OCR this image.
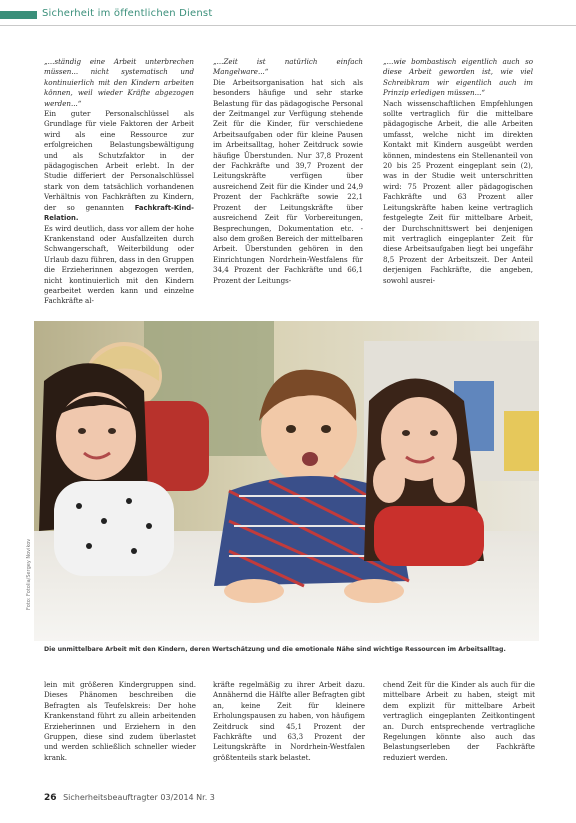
Sicherheit im öffentlichen Dienst

„...ständig eine Arbeit unterbrechen müssen... nicht systematisch und kontinuierlich mit den Kindern arbeiten können, weil wieder Kräfte abgezogen werden...“

Ein guter Personalschlüssel als Grundlage für viele Faktoren der Arbeit wird als eine Ressource zur erfolgreichen Belastungsbewältigung und als Schutzfaktor in der pädagogischen Arbeit erlebt. In der Studie differiert der Personalschlüssel stark von dem tatsächlich vorhandenen Verhältnis von Fachkräften zu Kindern, der so genannten Fachkraft-Kind-Relation.

Es wird deutlich, dass vor allem der hohe Krankenstand oder Ausfallzeiten durch Schwangerschaft, Weiterbildung oder Urlaub dazu führen, dass in den Gruppen die Erzieherinnen abgezogen werden, nicht kontinuierlich mit den Kindern gearbeitet werden kann und einzelne Fachkräfte al-

„...Zeit ist natürlich einfach Mangelware...“

Die Arbeitsorganisation hat sich als besonders häufige und sehr starke Belastung für das pädagogische Personal der Zeitmangel zur Verfügung stehende Zeit für die Kinder, für verschiedene Arbeitsaufgaben oder für kleine Pausen im Arbeitsalltag, hoher Zeitdruck sowie häufige Überstunden. Nur 37,8 Prozent der Fachkräfte und 39,7 Prozent der Leitungskräfte verfügen über ausreichend Zeit für die Kinder und 24,9 Prozent der Fachkräfte sowie 22,1 Prozent der Leitungskräfte über ausreichend Zeit für Vorbereitungen, Besprechungen, Dokumentation etc. - also dem großen Bereich der mittelbaren Arbeit. Überstunden gehören in den Einrichtungen Nordrhein-Westfalens für 34,4 Prozent der Fachkräfte und 66,1 Prozent der Leitungs-

„...wie bombastisch eigentlich auch so diese Arbeit geworden ist, wie viel Schreibkram wir eigentlich auch im Prinzip erledigen müssen...“

Nach wissenschaftlichen Empfehlungen sollte vertraglich für die mittelbare pädagogische Arbeit, die alle Arbeiten umfasst, welche nicht im direkten Kontakt mit Kindern ausgeübt werden können, mindestens ein Stellenanteil von 20 bis 25 Prozent eingeplant sein (2), was in der Studie weit unterschritten wird: 75 Prozent aller pädagogischen Fachkräfte und 63 Prozent aller Leitungskräfte haben keine vertraglich festgelegte Zeit für mittelbare Arbeit, der Durchschnittswert bei denjenigen mit vertraglich eingeplanter Zeit für diese Arbeitsaufgaben liegt bei ungefähr 8,5 Prozent der Arbeitszeit. Der Anteil derjenigen Fachkräfte, die angeben, sowohl ausrei-

Foto: Fotolia/Sergey Novikov
Die unmittelbare Arbeit mit den Kindern, deren Wertschätzung und die emotionale Nähe sind wichtige Ressourcen im Arbeitsalltag.
lein mit größeren Kindergruppen sind. Dieses Phänomen beschreiben die Befragten als Teufelskreis: Der hohe Krankenstand führt zu allein arbeitenden Erzieherinnen und Erziehern in den Gruppen, diese sind zudem überlastet und werden schließlich schneller wieder krank.
kräfte regelmäßig zu ihrer Arbeit dazu. Annähernd die Hälfte aller Befragten gibt an, keine Zeit für kleinere Erholungspausen zu haben, von häufigem Zeitdruck sind 45,1 Prozent der Fachkräfte und 63,3 Prozent der Leitungskräfte in Nordrhein-Westfalen größtenteils stark belastet.
chend Zeit für die Kinder als auch für die mittelbare Arbeit zu haben, steigt mit dem explizit für mittelbare Arbeit vertraglich eingeplanten Zeitkontingent an. Durch entsprechende vertragliche Regelungen könnte also auch das Belastungserleben der Fachkräfte reduziert werden.
26 Sicherheitsbeauftragter 03/2014 Nr. 3
